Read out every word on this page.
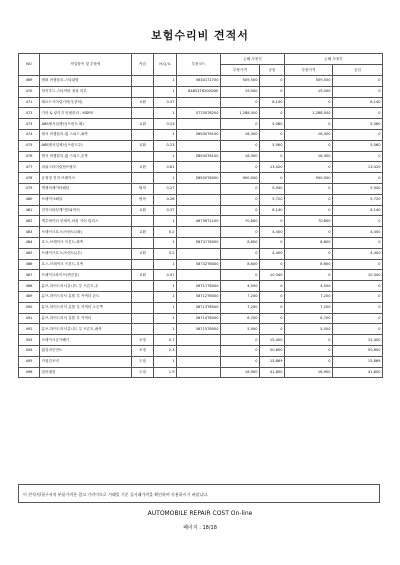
보험수리비 견적서
NO	작업항목 및 부품명	작업	H,Q,%	부품코드	손해 사정전		손해 사정후	
					부품가격	공임	부품가격	공임
469	범퍼 어셈블리-스타워범		1	56301T1700	509,500	0	509,500	0
470	하이우드-스타이버 절성 하부		1	84852T6200DUE	19,000	0	19,000	0
471	레로드시어링기어(우현의)	교환	0.37		0	8,140	0	8,140
472	기어 & 링키지 어셈블리 - MDPS		1	57700T6200	1,288,000	0	1,288,000	0
473	ABS센서일체선(프런트 좌)	교환	0.23		0	5,060	0	5,060
474	센서 어셈블리-휠 스피드,좌측		1	58930T6100	16,300	0	16,300	0
475	ABS센서일체선(프런트우)	교환	0.23		0	5,060	0	5,060
476	센서 어셈블리-휠 스피드,우측		1	58940T6100	16,300	0	16,300	0
477	파워스티어링펌프탈부	교환	0.61		0	13,420	0	13,420
478	동절형 전자 브레이크		1	58500T6000	900,000	0	900,000	0
479	액셀러레이터페달	탈착	0.27		0	5,940	0	5,940
480	브레이크페달	탈착	0.26		0	5,720	0	5,720
481	전자식파킹케이블와이어	교환	0.37		0	8,140	0	8,140
482	액추에이터 앗세이-파킹 기어 릴리스		1	46756T1100	70,800	0	70,800	0
483	브레이크호스(프런트)(좌)	교환	0.2		0	4,400	0	4,400
484	호스-브레이크 프론트,좌측		1	58731T6000	8,600	0	8,600	0
485	브레이크호스(프런트)(우)	교환	0.2		0	4,400	0	4,400
486	호스-브레이크 프론트,우측		1	58732T6000	8,600	0	8,600	0
487	브레이크파이프(엔진룸)	교환	0.47		0	10,340	0	10,340
488	튜브-하이드라닉유니트 투 프론트,우		1	58711T6000	4,500	0	4,500	0
489	튜브-하이드라닉 유틀 투 커넥터 폰트		1	58712T6000	7,200	0	7,200	0
490	튜브-하이드라닉 유틀 투 커넥터 오른쪽		1	58713T6000	7,200	0	7,200	0
491	튜브-하이드라닉 유틀 투 커넥터		1	58714T6000	6,700	0	6,700	0
492	튜브-하이드라닉유니트 투 프론트,좌측		1	58715T6000	5,000	0	5,000	0
493	브레이크공기빼기	조정	0.7		0	15,400	0	15,400
494	휠얼라인먼트	조정	2.3		0	50,600	0	50,600
495	가열건조비	도장	1		0	15,869	0	15,869
496	컬러매칭	도장	1.9		16,900	41,800	16,900	41,800
이 견적서/청구서의 부품가격은 참고 가격이므로 거래일 기준 실거래가격을 확인하여 사용하시기 바랍니다.
AUTOMOBILE REPAIR COST On-line
페이지 : 18/18
